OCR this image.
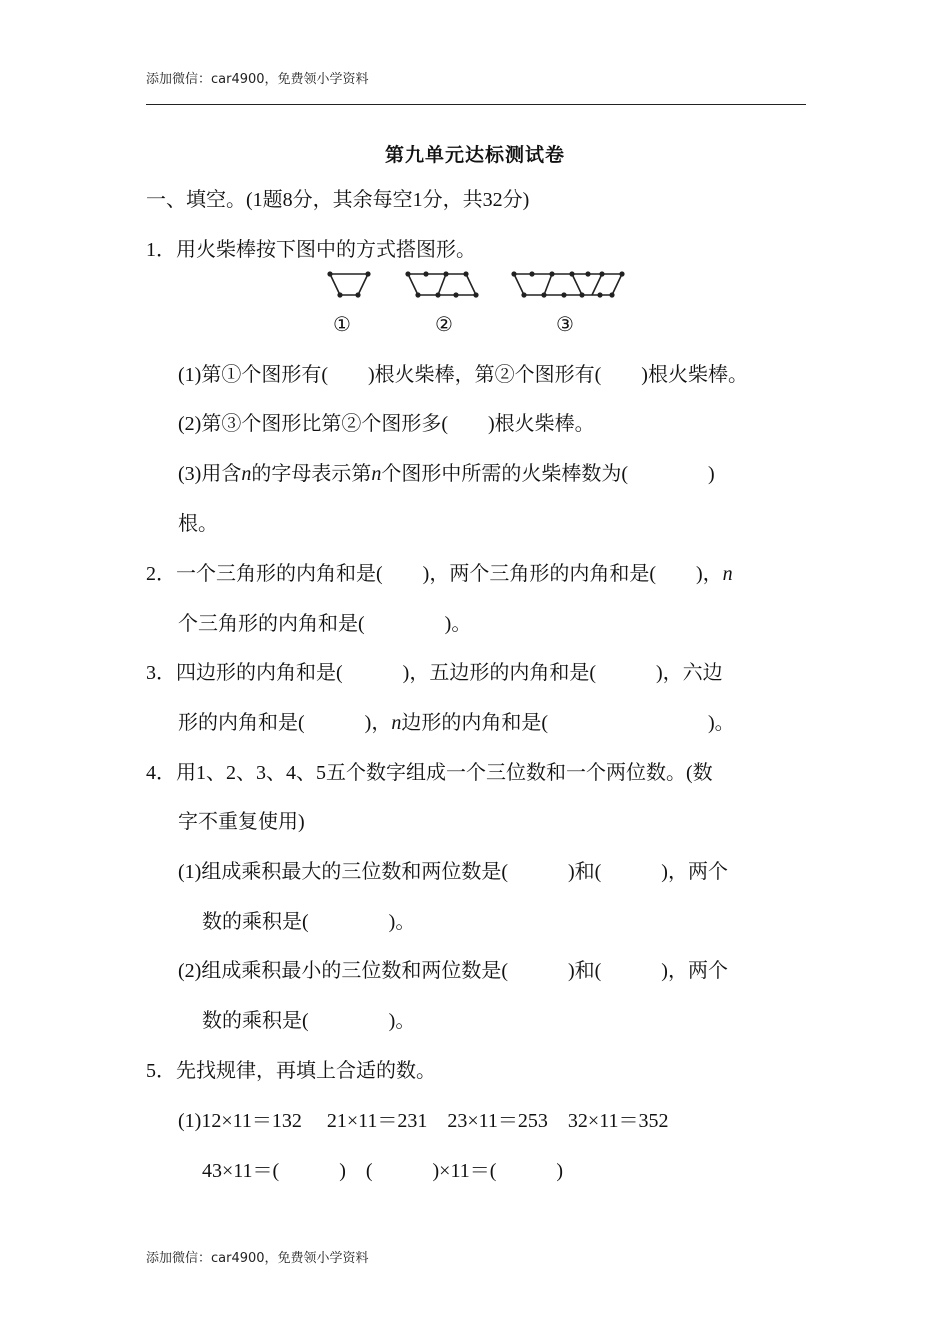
添加微信：car4900，免费领小学资料
第九单元达标测试卷
一、填空。(1题8分，其余每空1分，共32分)
1．用火柴棒按下图中的方式搭图形。
①	②	③
(1)第①个图形有(　　)根火柴棒，第②个图形有(　　)根火柴棒。
(2)第③个图形比第②个图形多(　　)根火柴棒。
(3)用含n的字母表示第n个图形中所需的火柴棒数为(　　　　)
根。
2．一个三角形的内角和是(　　)，两个三角形的内角和是(　　)，n
个三角形的内角和是(　　　　)。
3．四边形的内角和是(　　　)，五边形的内角和是(　　　)，六边
形的内角和是(　　　)，n边形的内角和是(　　　　　　　　)。
4．用1、2、3、4、5五个数字组成一个三位数和一个两位数。(数
字不重复使用)
(1)组成乘积最大的三位数和两位数是(　　　)和(　　　)，两个
数的乘积是(　　　　)。
(2)组成乘积最小的三位数和两位数是(　　　)和(　　　)，两个
数的乘积是(　　　　)。
5．先找规律，再填上合适的数。
(1)12×11＝132　 21×11＝231　23×11＝253　32×11＝352
43×11＝(　　　)　(　　　)×11＝(　　　)
添加微信：car4900，免费领小学资料
